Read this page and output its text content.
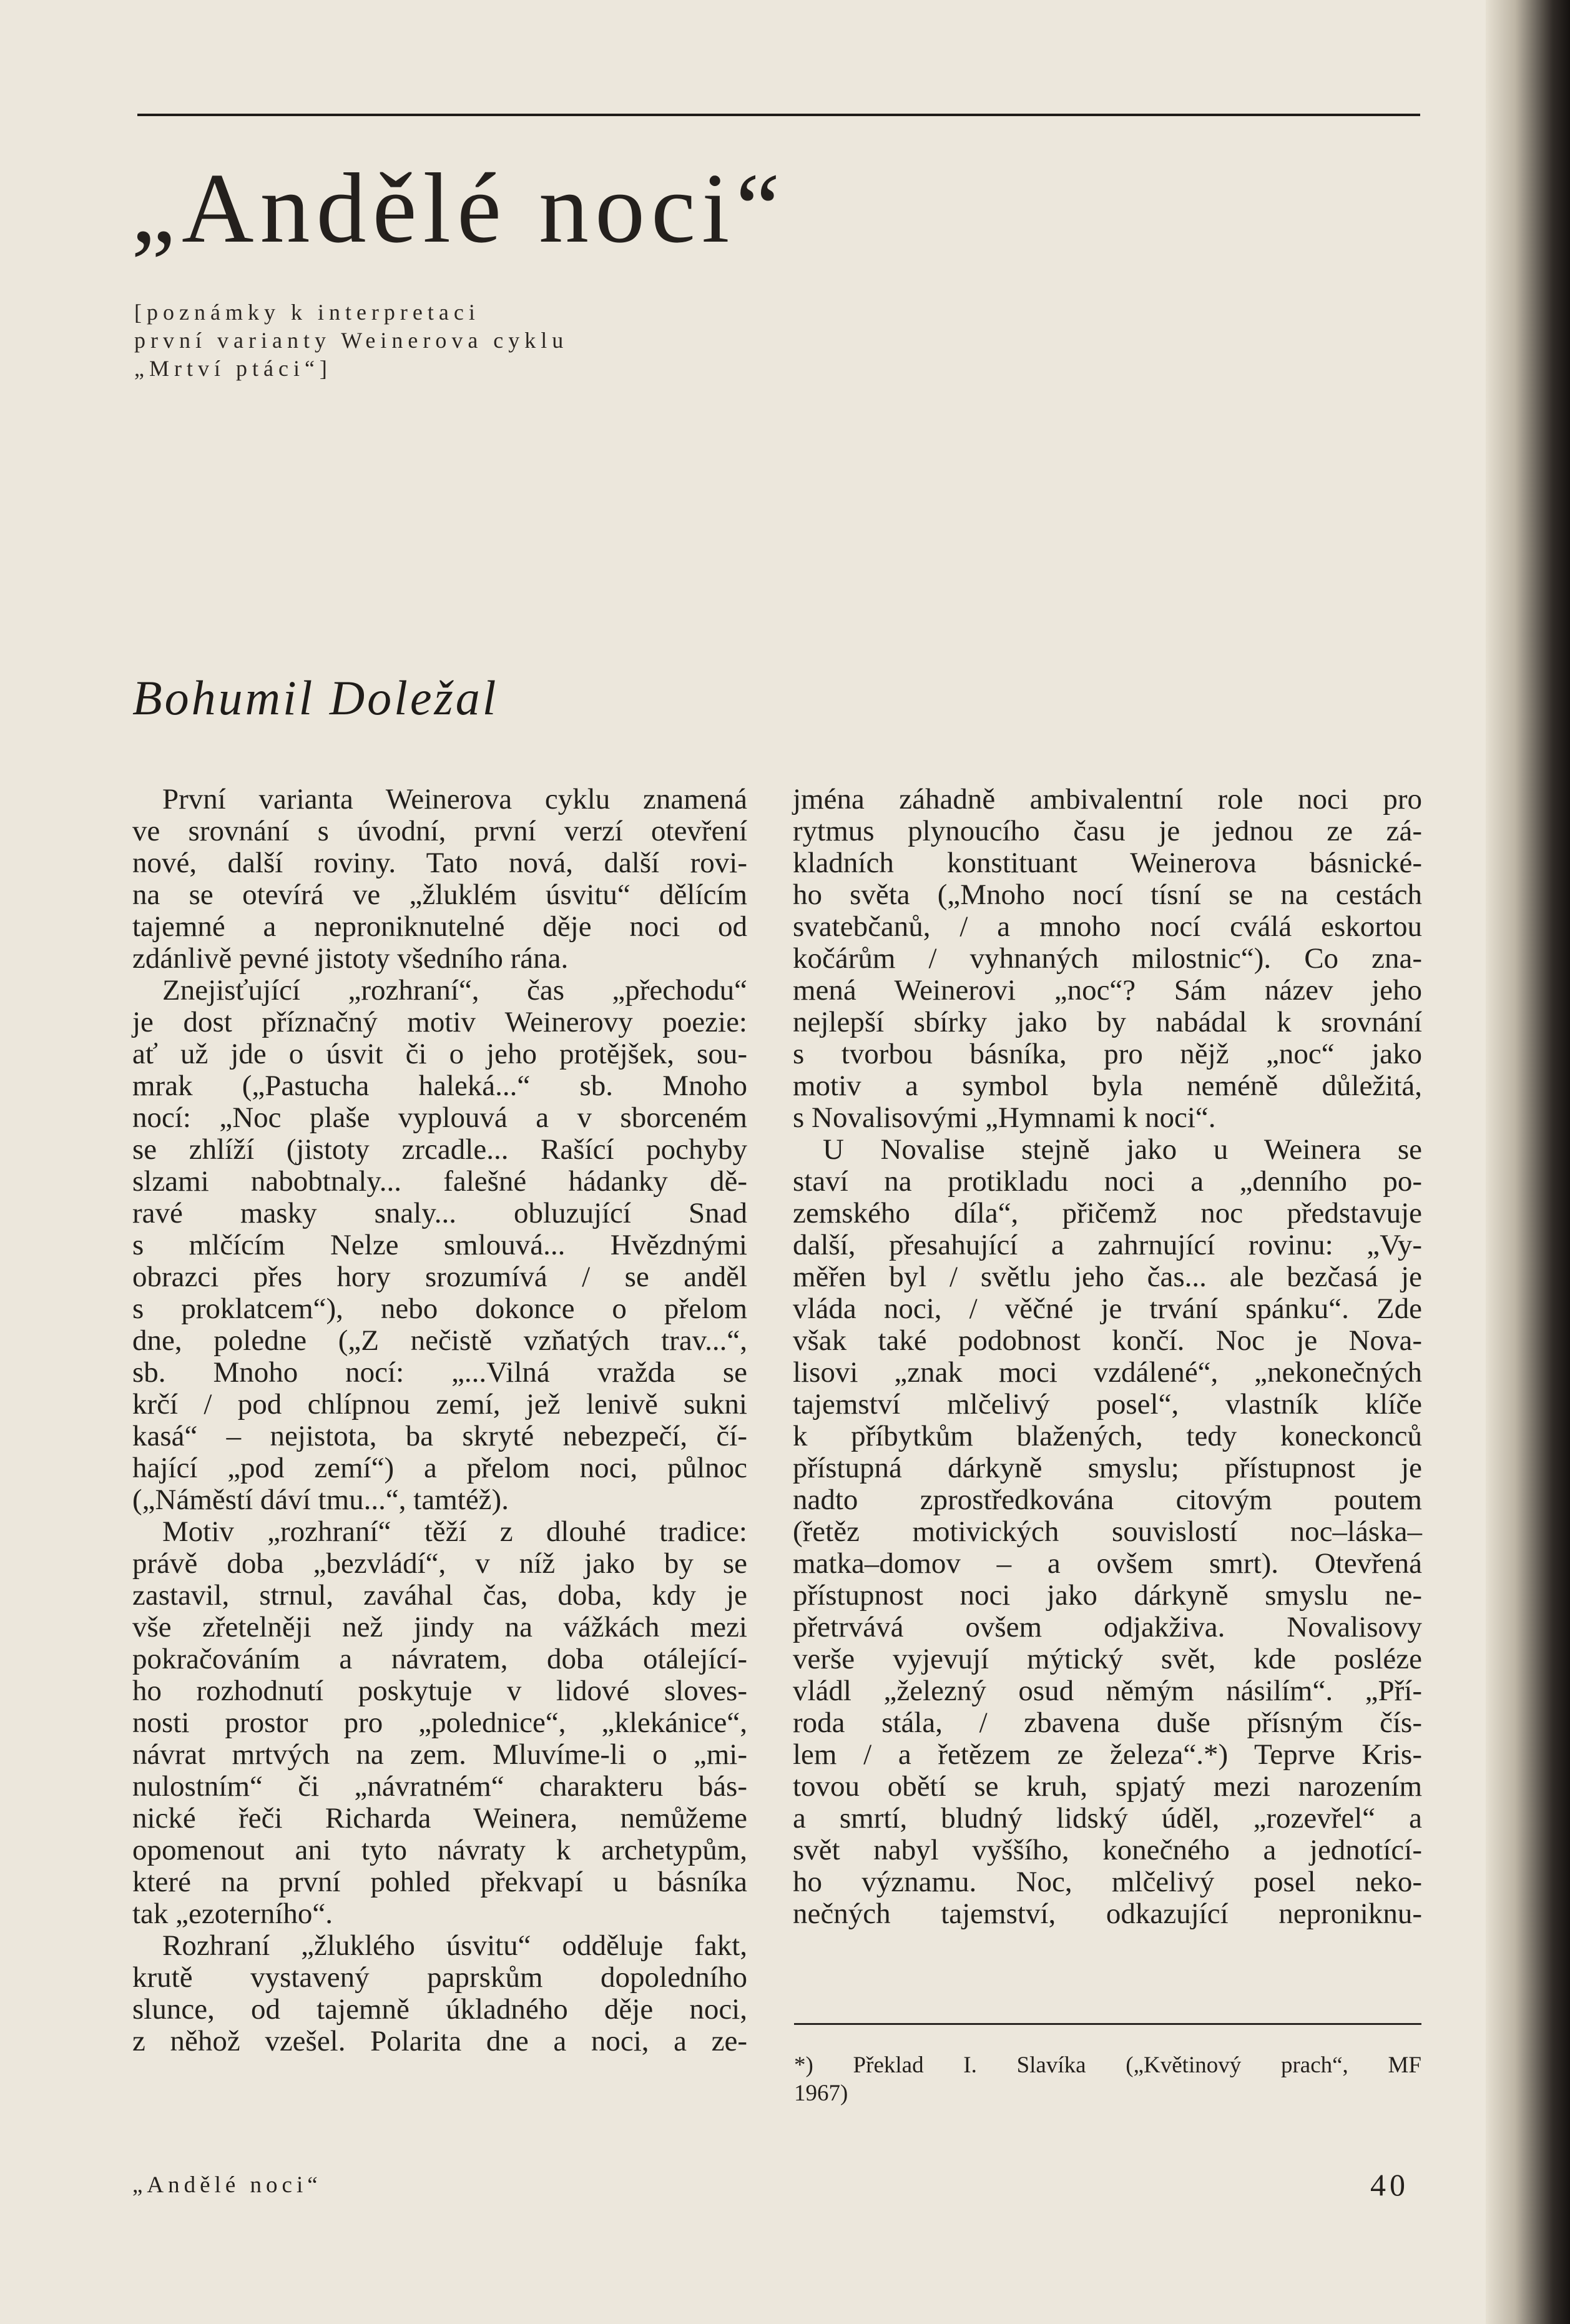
„Andělé noci“
[poznámky k interpretaci
první varianty Weinerova cyklu
„Mrtví ptáci“]
Bohumil Doležal
První varianta Weinerova cyklu znamená
ve srovnání s úvodní, první verzí otevření
nové, další roviny. Tato nová, další rovi-
na se otevírá ve „žluklém úsvitu“ dělícím
tajemné a neproniknutelné děje noci od
zdánlivě pevné jistoty všedního rána.
Znejisťující „rozhraní“, čas „přechodu“
je dost příznačný motiv Weinerovy poezie:
ať už jde o úsvit či o jeho protějšek, sou-
mrak („Pastucha haleká...“ sb. Mnoho
nocí: „Noc plaše vyplouvá a v sborceném
se zhlíží (jistoty zrcadle... Rašící pochyby
slzami nabobtnaly... falešné hádanky dě-
ravé masky snaly... obluzující Snad
s mlčícím Nelze smlouvá... Hvězdnými
obrazci přes hory srozumívá / se anděl
s proklatcem“), nebo dokonce o přelom
dne, poledne („Z nečistě vzňatých trav...“,
sb. Mnoho nocí: „...Vilná vražda se
krčí / pod chlípnou zemí, jež lenivě sukni
kasá“ – nejistota, ba skryté nebezpečí, čí-
hající „pod zemí“) a přelom noci, půlnoc
(„Náměstí dáví tmu...“, tamtéž).
Motiv „rozhraní“ těží z dlouhé tradice:
právě doba „bezvládí“, v níž jako by se
zastavil, strnul, zaváhal čas, doba, kdy je
vše zřetelněji než jindy na vážkách mezi
pokračováním a návratem, doba otálející-
ho rozhodnutí poskytuje v lidové sloves-
nosti prostor pro „polednice“, „klekánice“,
návrat mrtvých na zem. Mluvíme-li o „mi-
nulostním“ či „návratném“ charakteru bás-
nické řeči Richarda Weinera, nemůžeme
opomenout ani tyto návraty k archetypům,
které na první pohled překvapí u básníka
tak „ezoterního“.
Rozhraní „žluklého úsvitu“ odděluje fakt,
krutě vystavený paprskům dopoledního
slunce, od tajemně úkladného děje noci,
z něhož vzešel. Polarita dne a noci, a ze-
jména záhadně ambivalentní role noci pro
rytmus plynoucího času je jednou ze zá-
kladních konstituant Weinerova básnické-
ho světa („Mnoho nocí tísní se na cestách
svatebčanů, / a mnoho nocí cválá eskortou
kočárům / vyhnaných milostnic“). Co zna-
mená Weinerovi „noc“? Sám název jeho
nejlepší sbírky jako by nabádal k srovnání
s tvorbou básníka, pro nějž „noc“ jako
motiv a symbol byla neméně důležitá,
s Novalisovými „Hymnami k noci“.
U Novalise stejně jako u Weinera se
staví na protikladu noci a „denního po-
zemského díla“, přičemž noc představuje
další, přesahující a zahrnující rovinu: „Vy-
měřen byl / světlu jeho čas... ale bezčasá je
vláda noci, / věčné je trvání spánku“. Zde
však také podobnost končí. Noc je Nova-
lisovi „znak moci vzdálené“, „nekonečných
tajemství mlčelivý posel“, vlastník klíče
k příbytkům blažených, tedy koneckonců
přístupná dárkyně smyslu; přístupnost je
nadto zprostředkována citovým poutem
(řetěz motivických souvislostí noc–láska–
matka–domov – a ovšem smrt). Otevřená
přístupnost noci jako dárkyně smyslu ne-
přetrvává ovšem odjakživa. Novalisovy
verše vyjevují mýtický svět, kde posléze
vládl „železný osud němým násilím“. „Pří-
roda stála, / zbavena duše přísným čís-
lem / a řetězem ze železa“.*) Teprve Kris-
tovou obětí se kruh, spjatý mezi narozením
a smrtí, bludný lidský úděl, „rozevřel“ a
svět nabyl vyššího, konečného a jednotící-
ho významu. Noc, mlčelivý posel neko-
nečných tajemství, odkazující neproniknu-
*) Překlad I. Slavíka („Květinový prach“, MF
1967)
„Andělé noci“	40
